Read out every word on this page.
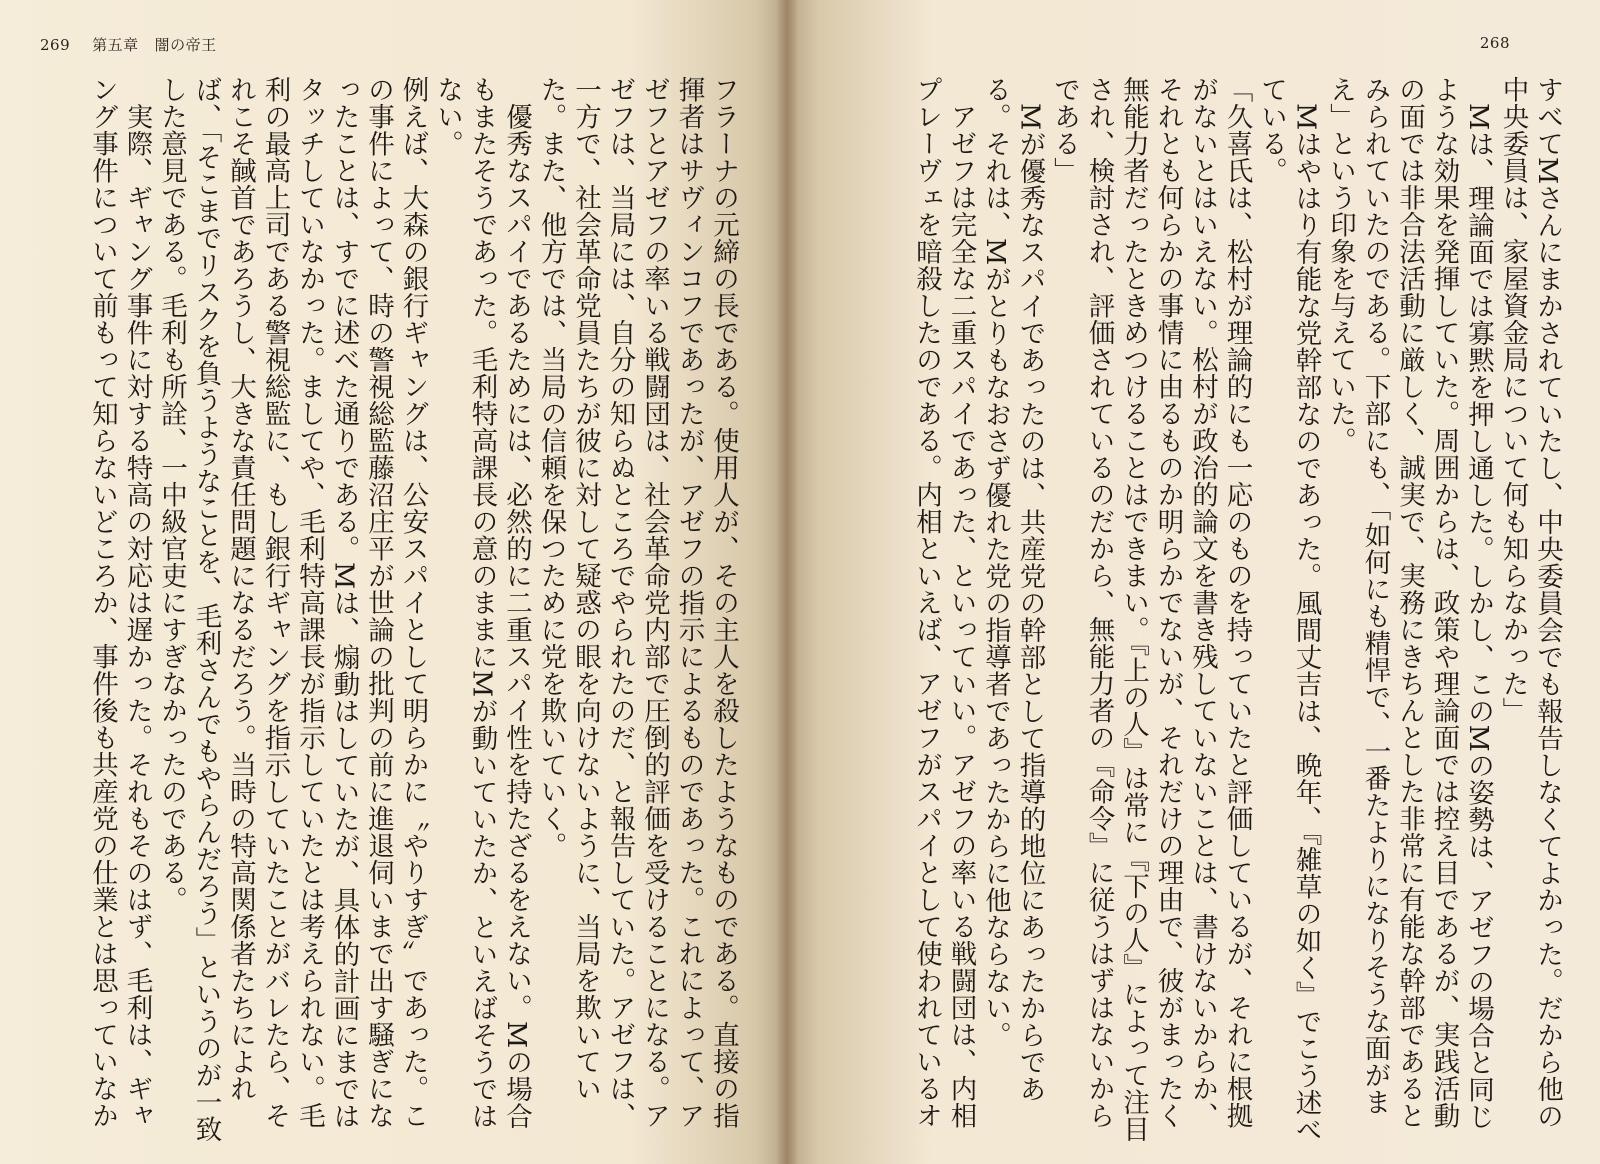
269 第五章 闇の帝王

フラーナの元締の長である。使用人が、その主人を殺したようなものである。直接の指揮者はサヴィンコフであったが、アゼフの指示によるものであった。これによって、アゼフとアゼフの率いる戦闘団は、社会革命党内部で圧倒的評価を受けることになる。アゼフは、当局には、自分の知らぬところでやられたのだ、と報告していた。アゼフは、一方で、社会革命党員たちが彼に対して疑惑の眼を向けないように、当局を欺いていた。また、他方では、当局の信頼を保つために党を欺いていく。

優秀なスパイであるためには、必然的に二重スパイ性を持たざるをえない。Mの場合もまたそうであった。毛利特高課長の意のままにMが動いていたか、といえばそうではない。

例えば、大森の銀行ギャングは、公安スパイとして明らかに〝やりすぎ〟であった。この事件によって、時の警視総監藤沼庄平が世論の批判の前に進退伺いまで出す騒ぎになったことは、すでに述べた通りである。Mは、煽動はしていたが、具体的計画にまではタッチしていなかった。ましてや、毛利特高課長が指示していたとは考えられない。毛利の最高上司である警視総監に、もし銀行ギャングを指示していたことがバレたら、それこそ馘首であろうし、大きな責任問題になるだろう。当時の特高関係者たちによれば、「そこまでリスクを負うようなことを、毛利さんでもやらんだろう」というのが一致した意見である。毛利も所詮、一中級官吏にすぎなかったのである。

実際、ギャング事件に対する特高の対応は遅かった。それもそのはず、毛利は、ギャング事件について前もって知らないどころか、事件後も共産党の仕業とは思っていなか

268

すべてMさんにまかされていたし、中央委員会でも報告しなくてよかった。だから他の中央委員は、家屋資金局について何も知らなかった」

Mは、理論面では寡黙を押し通した。しかし、このMの姿勢は、アゼフの場合と同じような効果を発揮していた。周囲からは、政策や理論面では控え目であるが、実践活動の面では非合法活動に厳しく、誠実で、実務にきちんとした非常に有能な幹部であるとみられていたのである。下部にも、「如何にも精悍で、一番たよりになりそうな面がまえ」という印象を与えていた。

Mはやはり有能な党幹部なのであった。風間丈吉は、晩年、『雑草の如く』でこう述べている。

「久喜氏は、松村が理論的にも一応のものを持っていたと評価しているが、それに根拠がないとはいえない。松村が政治的論文を書き残していないことは、書けないからか、それとも何らかの事情に由るものか明らかでないが、それだけの理由で、彼がまったく無能力者だったときめつけることはできまい。『上の人』は常に『下の人』によって注目され、検討され、評価されているのだから、無能力者の『命令』に従うはずはないからである」

Mが優秀なスパイであったのは、共産党の幹部として指導的地位にあったからである。それは、Mがとりもなおさず優れた党の指導者であったからに他ならない。

アゼフは完全な二重スパイであった、といっていい。アゼフの率いる戦闘団は、内相プレーヴェを暗殺したのである。内相といえば、アゼフがスパイとして使われているオ
